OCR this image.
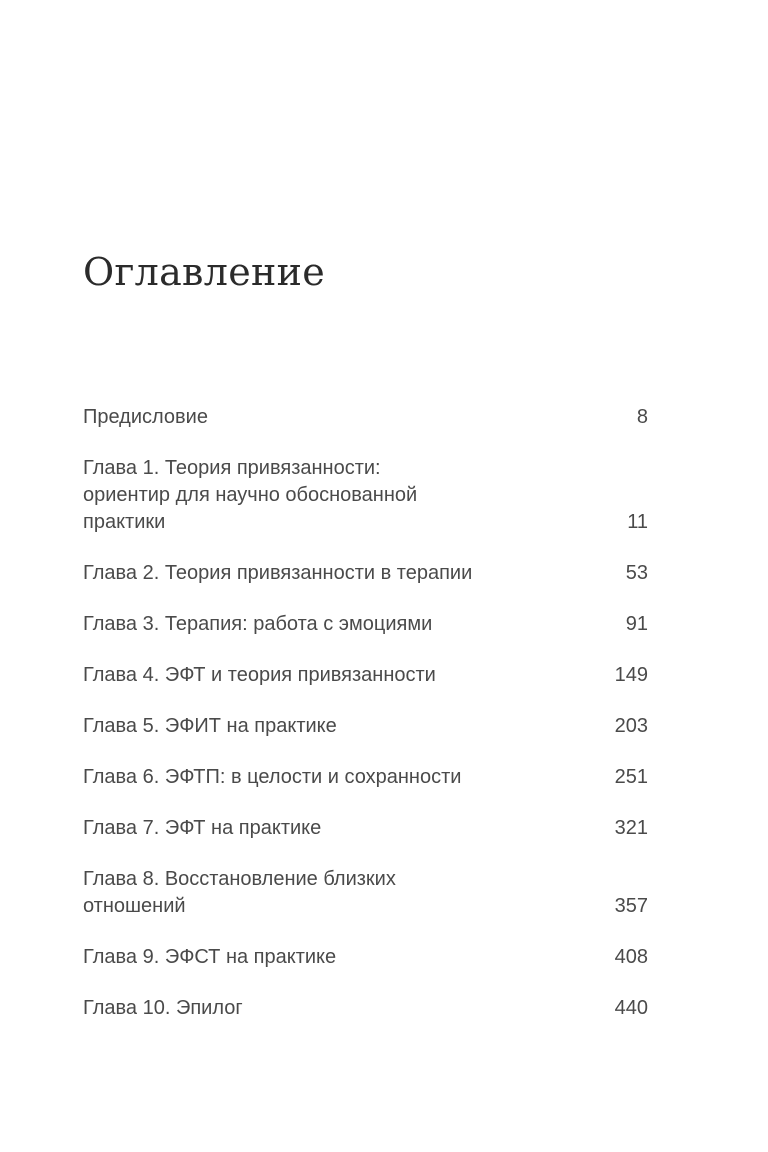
Оглавление
Предисловие	8
Глава 1. Теория привязанности: ориентир для научно обоснованной практики	11
Глава 2. Теория привязанности в терапии	53
Глава 3. Терапия: работа с эмоциями	91
Глава 4. ЭФТ и теория привязанности	149
Глава 5. ЭФИТ на практике	203
Глава 6. ЭФТП: в целости и сохранности	251
Глава 7. ЭФТ на практике	321
Глава 8. Восстановление близких отношений	357
Глава 9. ЭФСТ на практике	408
Глава 10. Эпилог	440
